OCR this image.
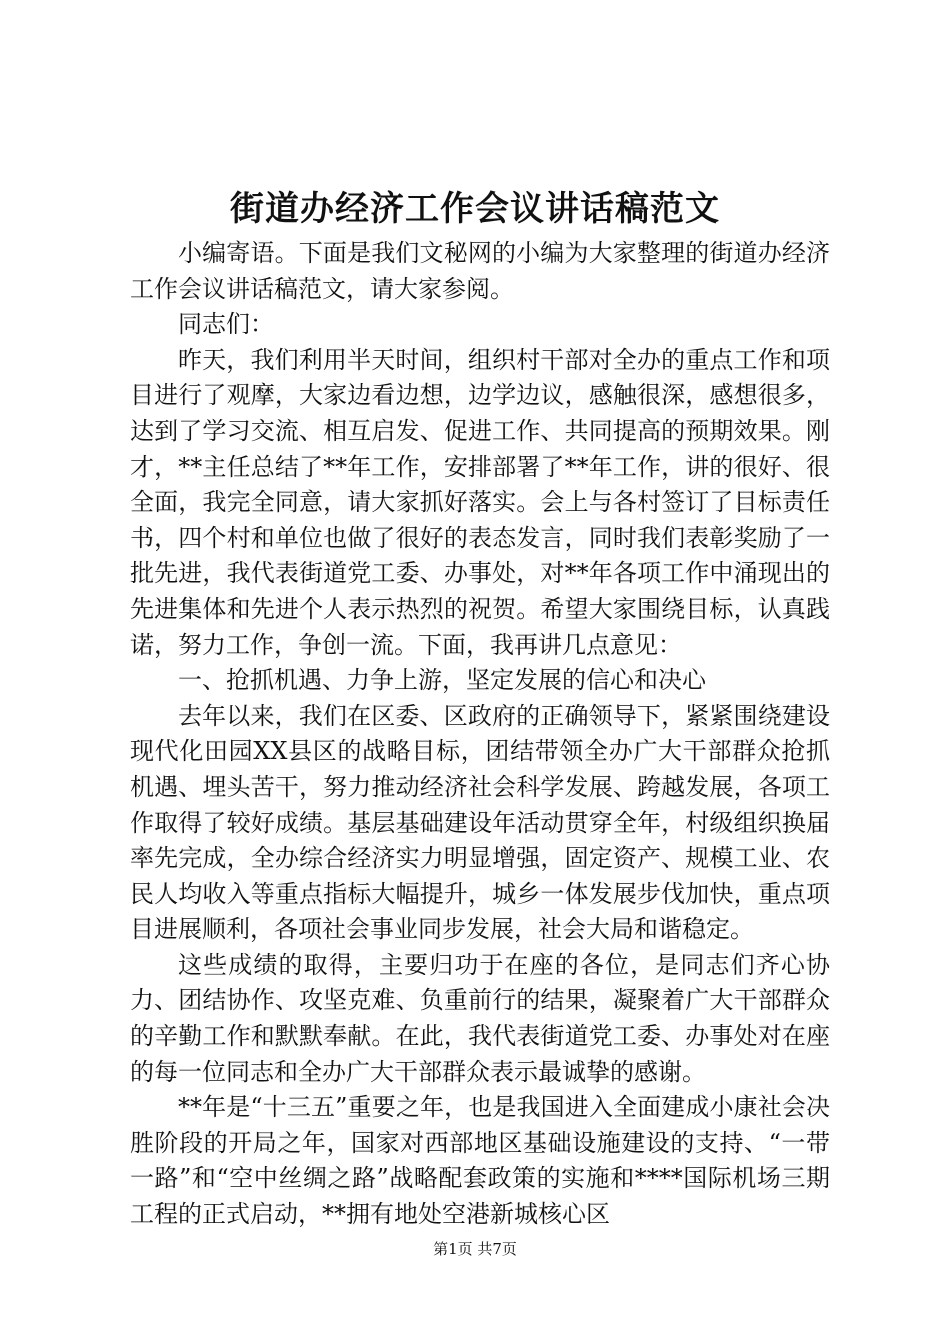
街道办经济工作会议讲话稿范文

小编寄语。下面是我们文秘网的小编为大家整理的街道办经济工作会议讲话稿范文，请大家参阅。

同志们：

昨天，我们利用半天时间，组织村干部对全办的重点工作和项目进行了观摩，大家边看边想，边学边议，感触很深，感想很多，达到了学习交流、相互启发、促进工作、共同提高的预期效果。刚才，**主任总结了**年工作，安排部署了**年工作，讲的很好、很全面，我完全同意，请大家抓好落实。会上与各村签订了目标责任书，四个村和单位也做了很好的表态发言，同时我们表彰奖励了一批先进，我代表街道党工委、办事处，对**年各项工作中涌现出的先进集体和先进个人表示热烈的祝贺。希望大家围绕目标，认真践诺，努力工作，争创一流。下面，我再讲几点意见：

一、抢抓机遇、力争上游，坚定发展的信心和决心

去年以来，我们在区委、区政府的正确领导下，紧紧围绕建设现代化田园XX县区的战略目标，团结带领全办广大干部群众抢抓机遇、埋头苦干，努力推动经济社会科学发展、跨越发展，各项工作取得了较好成绩。基层基础建设年活动贯穿全年，村级组织换届率先完成，全办综合经济实力明显增强，固定资产、规模工业、农民人均收入等重点指标大幅提升，城乡一体发展步伐加快，重点项目进展顺利，各项社会事业同步发展，社会大局和谐稳定。

这些成绩的取得，主要归功于在座的各位，是同志们齐心协力、团结协作、攻坚克难、负重前行的结果，凝聚着广大干部群众的辛勤工作和默默奉献。在此，我代表街道党工委、办事处对在座的每一位同志和全办广大干部群众表示最诚挚的感谢。

**年是“十三五”重要之年，也是我国进入全面建成小康社会决胜阶段的开局之年，国家对西部地区基础设施建设的支持、“一带一路”和“空中丝绸之路”战略配套政策的实施和****国际机场三期工程的正式启动，**拥有地处空港新城核心区

第1页 共7页
